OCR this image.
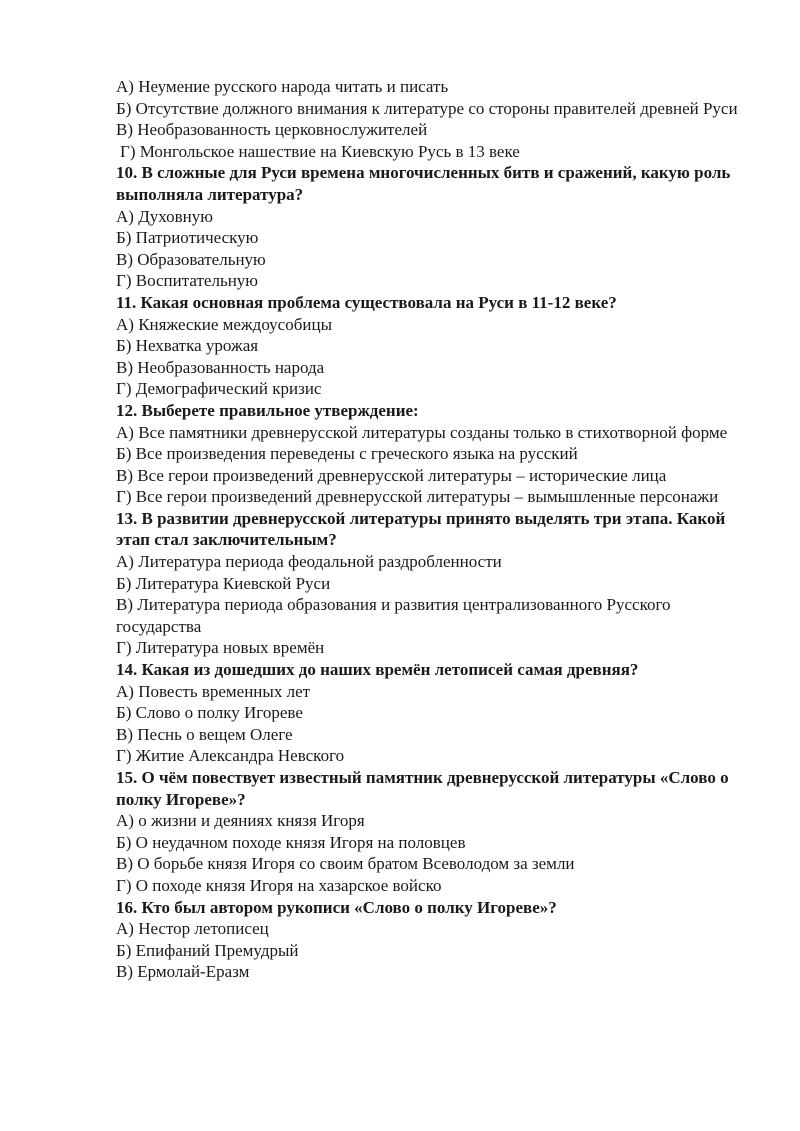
А) Неумение русского народа читать и писать
Б) Отсутствие должного внимания к литературе со стороны правителей древней Руси
В) Необразованность церковнослужителей
Г) Монгольское нашествие на Киевскую Русь в 13 веке
10. В сложные для Руси времена многочисленных битв и сражений, какую роль выполняла литература?
А) Духовную
Б) Патриотическую
В) Образовательную
Г) Воспитательную
11. Какая основная проблема существовала на Руси в 11-12 веке?
А) Княжеские междоусобицы
Б) Нехватка урожая
В) Необразованность народа
Г) Демографический кризис
12. Выберете правильное утверждение:
А) Все памятники древнерусской литературы созданы только в стихотворной форме
Б) Все произведения переведены с греческого языка на русский
В) Все герои произведений древнерусской литературы – исторические лица
Г) Все герои произведений древнерусской литературы – вымышленные персонажи
13. В развитии древнерусской литературы принято выделять три этапа. Какой этап стал заключительным?
А) Литература периода феодальной раздробленности
Б) Литература Киевской Руси
В) Литература периода образования и развития централизованного Русского государства
Г) Литература новых времён
14. Какая из дошедших до наших времён летописей самая древняя?
А) Повесть временных лет
Б) Слово о полку Игореве
В) Песнь о вещем Олеге
Г) Житие Александра Невского
15. О чём повествует известный памятник древнерусской литературы «Слово о полку Игореве»?
А) о жизни и деяниях князя Игоря
Б) О неудачном походе князя Игоря на половцев
В) О борьбе князя Игоря со своим братом Всеволодом за земли
Г) О походе князя Игоря на хазарское войско
16. Кто был автором рукописи «Слово о полку Игореве»?
А) Нестор летописец
Б) Епифаний Премудрый
В) Ермолай-Еразм
